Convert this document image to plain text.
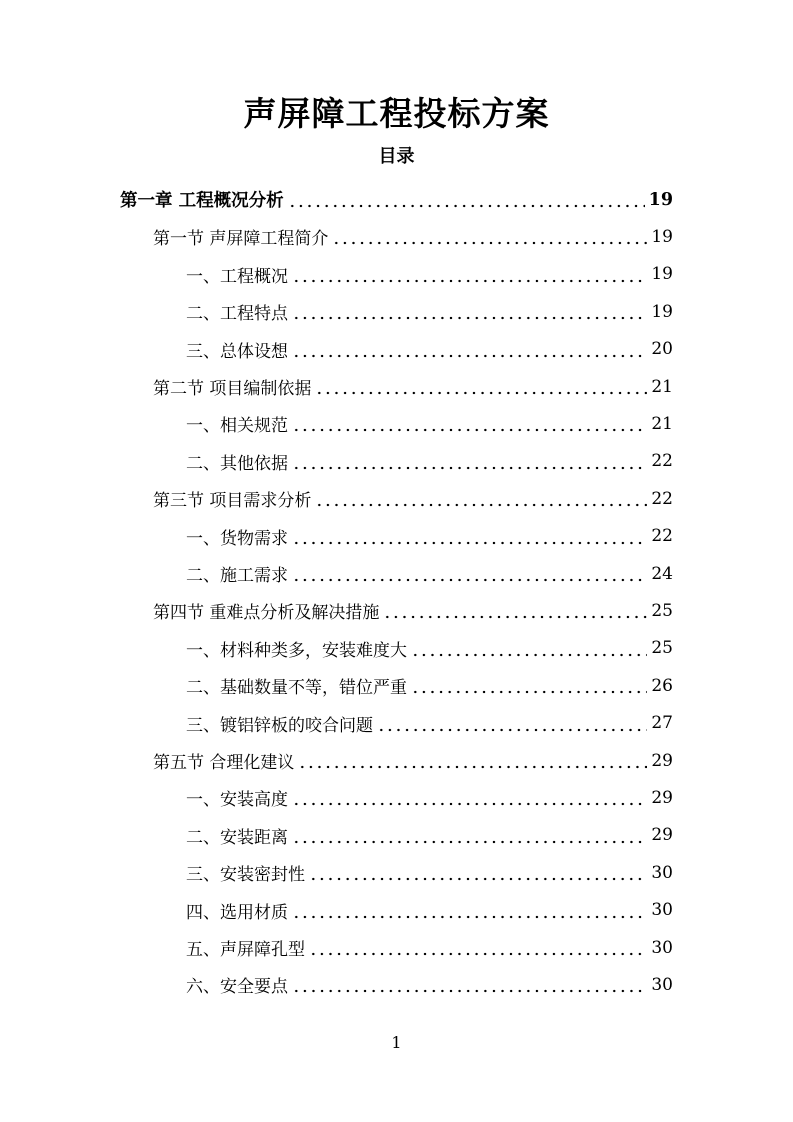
声屏障工程投标方案
目录
第一章 工程概况分析	19
第一节 声屏障工程简介	19
一、工程概况	19
二、工程特点	19
三、总体设想	20
第二节 项目编制依据	21
一、相关规范	21
二、其他依据	22
第三节 项目需求分析	22
一、货物需求	22
二、施工需求	24
第四节 重难点分析及解决措施	25
一、材料种类多，安装难度大	25
二、基础数量不等，错位严重	26
三、镀铝锌板的咬合问题	27
第五节 合理化建议	29
一、安装高度	29
二、安装距离	29
三、安装密封性	30
四、选用材质	30
五、声屏障孔型	30
六、安全要点	30
1
